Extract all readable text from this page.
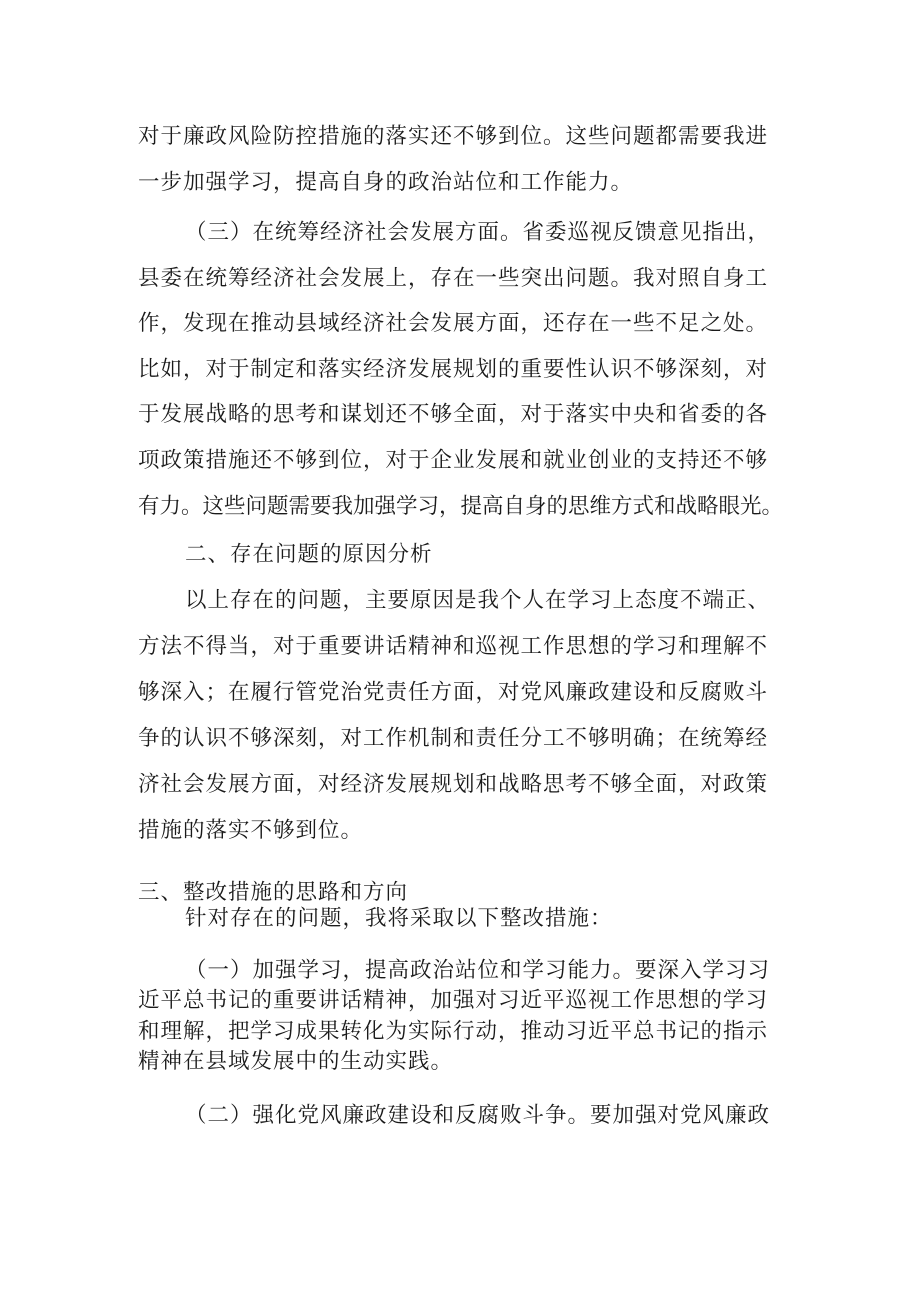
对于廉政风险防控措施的落实还不够到位。这些问题都需要我进
一步加强学习，提高自身的政治站位和工作能力。
（三）在统筹经济社会发展方面。省委巡视反馈意见指出，
县委在统筹经济社会发展上，存在一些突出问题。我对照自身工
作，发现在推动县域经济社会发展方面，还存在一些不足之处。
比如，对于制定和落实经济发展规划的重要性认识不够深刻，对
于发展战略的思考和谋划还不够全面，对于落实中央和省委的各
项政策措施还不够到位，对于企业发展和就业创业的支持还不够
有力。这些问题需要我加强学习，提高自身的思维方式和战略眼光。
二、存在问题的原因分析
以上存在的问题，主要原因是我个人在学习上态度不端正、
方法不得当，对于重要讲话精神和巡视工作思想的学习和理解不
够深入；在履行管党治党责任方面，对党风廉政建设和反腐败斗
争的认识不够深刻，对工作机制和责任分工不够明确；在统筹经
济社会发展方面，对经济发展规划和战略思考不够全面，对政策
措施的落实不够到位。
三、整改措施的思路和方向
针对存在的问题，我将采取以下整改措施：
（一）加强学习，提高政治站位和学习能力。要深入学习习
近平总书记的重要讲话精神，加强对习近平巡视工作思想的学习
和理解，把学习成果转化为实际行动，推动习近平总书记的指示
精神在县域发展中的生动实践。
（二）强化党风廉政建设和反腐败斗争。要加强对党风廉政
